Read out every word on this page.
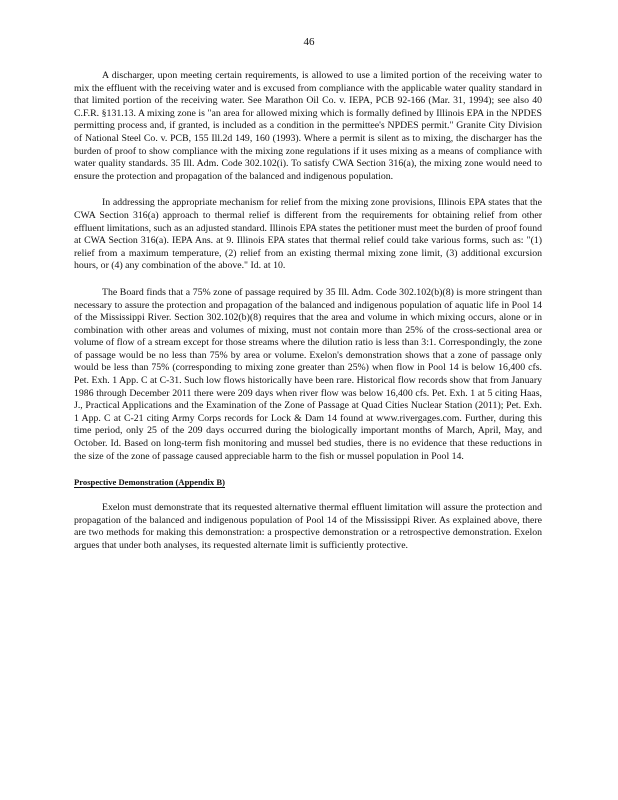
46

A discharger, upon meeting certain requirements, is allowed to use a limited portion of the receiving water to mix the effluent with the receiving water and is excused from compliance with the applicable water quality standard in that limited portion of the receiving water. See Marathon Oil Co. v. IEPA, PCB 92-166 (Mar. 31, 1994); see also 40 C.F.R. §131.13. A mixing zone is "an area for allowed mixing which is formally defined by Illinois EPA in the NPDES permitting process and, if granted, is included as a condition in the permittee's NPDES permit." Granite City Division of National Steel Co. v. PCB, 155 Ill.2d 149, 160 (1993). Where a permit is silent as to mixing, the discharger has the burden of proof to show compliance with the mixing zone regulations if it uses mixing as a means of compliance with water quality standards. 35 Ill. Adm. Code 302.102(i). To satisfy CWA Section 316(a), the mixing zone would need to ensure the protection and propagation of the balanced and indigenous population.

In addressing the appropriate mechanism for relief from the mixing zone provisions, Illinois EPA states that the CWA Section 316(a) approach to thermal relief is different from the requirements for obtaining relief from other effluent limitations, such as an adjusted standard. Illinois EPA states the petitioner must meet the burden of proof found at CWA Section 316(a). IEPA Ans. at 9. Illinois EPA states that thermal relief could take various forms, such as: "(1) relief from a maximum temperature, (2) relief from an existing thermal mixing zone limit, (3) additional excursion hours, or (4) any combination of the above." Id. at 10.

The Board finds that a 75% zone of passage required by 35 Ill. Adm. Code 302.102(b)(8) is more stringent than necessary to assure the protection and propagation of the balanced and indigenous population of aquatic life in Pool 14 of the Mississippi River. Section 302.102(b)(8) requires that the area and volume in which mixing occurs, alone or in combination with other areas and volumes of mixing, must not contain more than 25% of the cross-sectional area or volume of flow of a stream except for those streams where the dilution ratio is less than 3:1. Correspondingly, the zone of passage would be no less than 75% by area or volume. Exelon's demonstration shows that a zone of passage only would be less than 75% (corresponding to mixing zone greater than 25%) when flow in Pool 14 is below 16,400 cfs. Pet. Exh. 1 App. C at C-31. Such low flows historically have been rare. Historical flow records show that from January 1986 through December 2011 there were 209 days when river flow was below 16,400 cfs. Pet. Exh. 1 at 5 citing Haas, J., Practical Applications and the Examination of the Zone of Passage at Quad Cities Nuclear Station (2011); Pet. Exh. 1 App. C at C-21 citing Army Corps records for Lock & Dam 14 found at www.rivergages.com. Further, during this time period, only 25 of the 209 days occurred during the biologically important months of March, April, May, and October. Id. Based on long-term fish monitoring and mussel bed studies, there is no evidence that these reductions in the size of the zone of passage caused appreciable harm to the fish or mussel population in Pool 14.

Prospective Demonstration (Appendix B)

Exelon must demonstrate that its requested alternative thermal effluent limitation will assure the protection and propagation of the balanced and indigenous population of Pool 14 of the Mississippi River. As explained above, there are two methods for making this demonstration: a prospective demonstration or a retrospective demonstration. Exelon argues that under both analyses, its requested alternate limit is sufficiently protective.
